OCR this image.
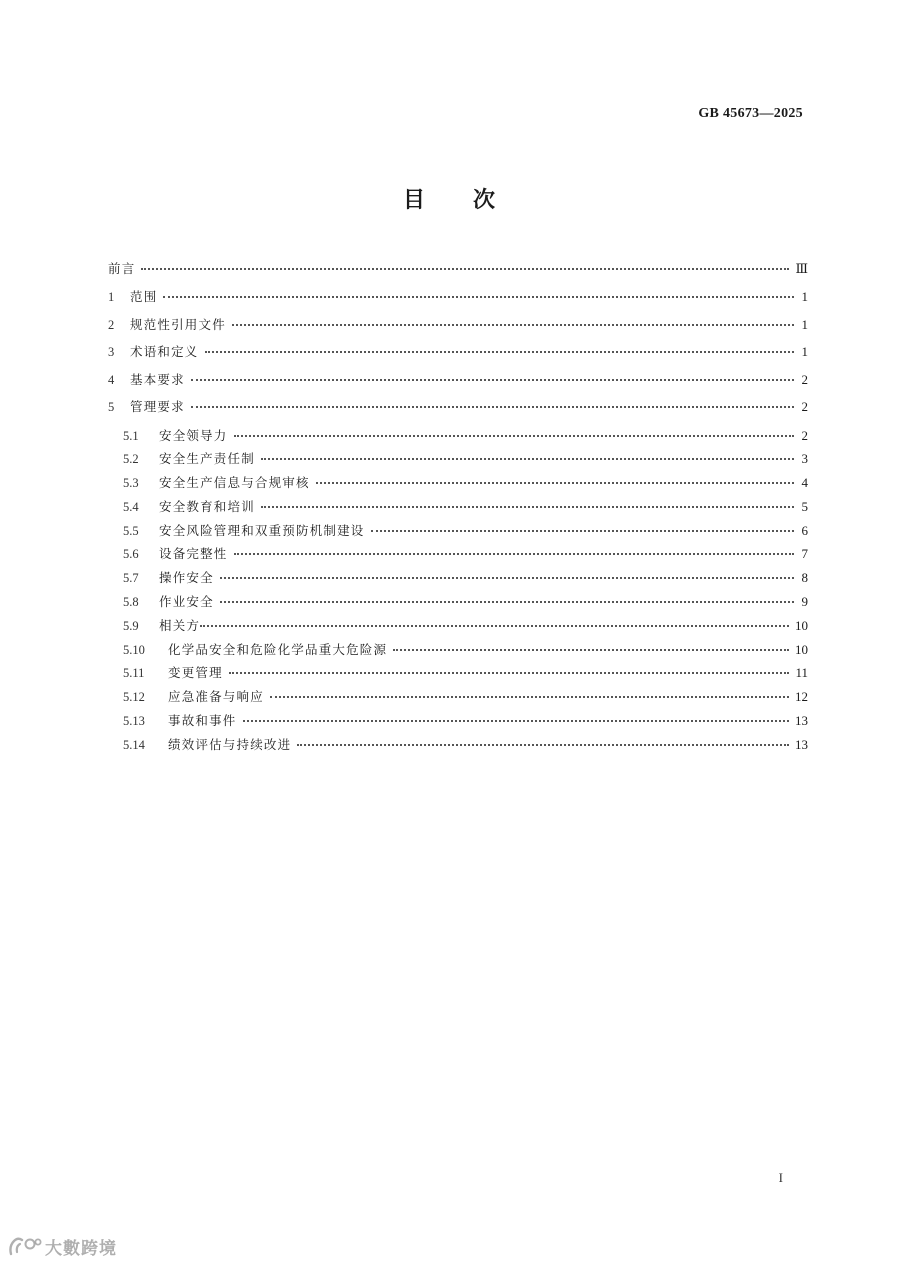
GB 45673—2025
目 次
前言	Ⅲ
1	范围	1
2	规范性引用文件	1
3	术语和定义	1
4	基本要求	2
5	管理要求	2
5.1	安全领导力	2
5.2	安全生产责任制	3
5.3	安全生产信息与合规审核	4
5.4	安全教育和培训	5
5.5	安全风险管理和双重预防机制建设	6
5.6	设备完整性	7
5.7	操作安全	8
5.8	作业安全	9
5.9	相关方	10
5.10	化学品安全和危险化学品重大危险源	10
5.11	变更管理	11
5.12	应急准备与响应	12
5.13	事故和事件	13
5.14	绩效评估与持续改进	13
I
大數跨境
